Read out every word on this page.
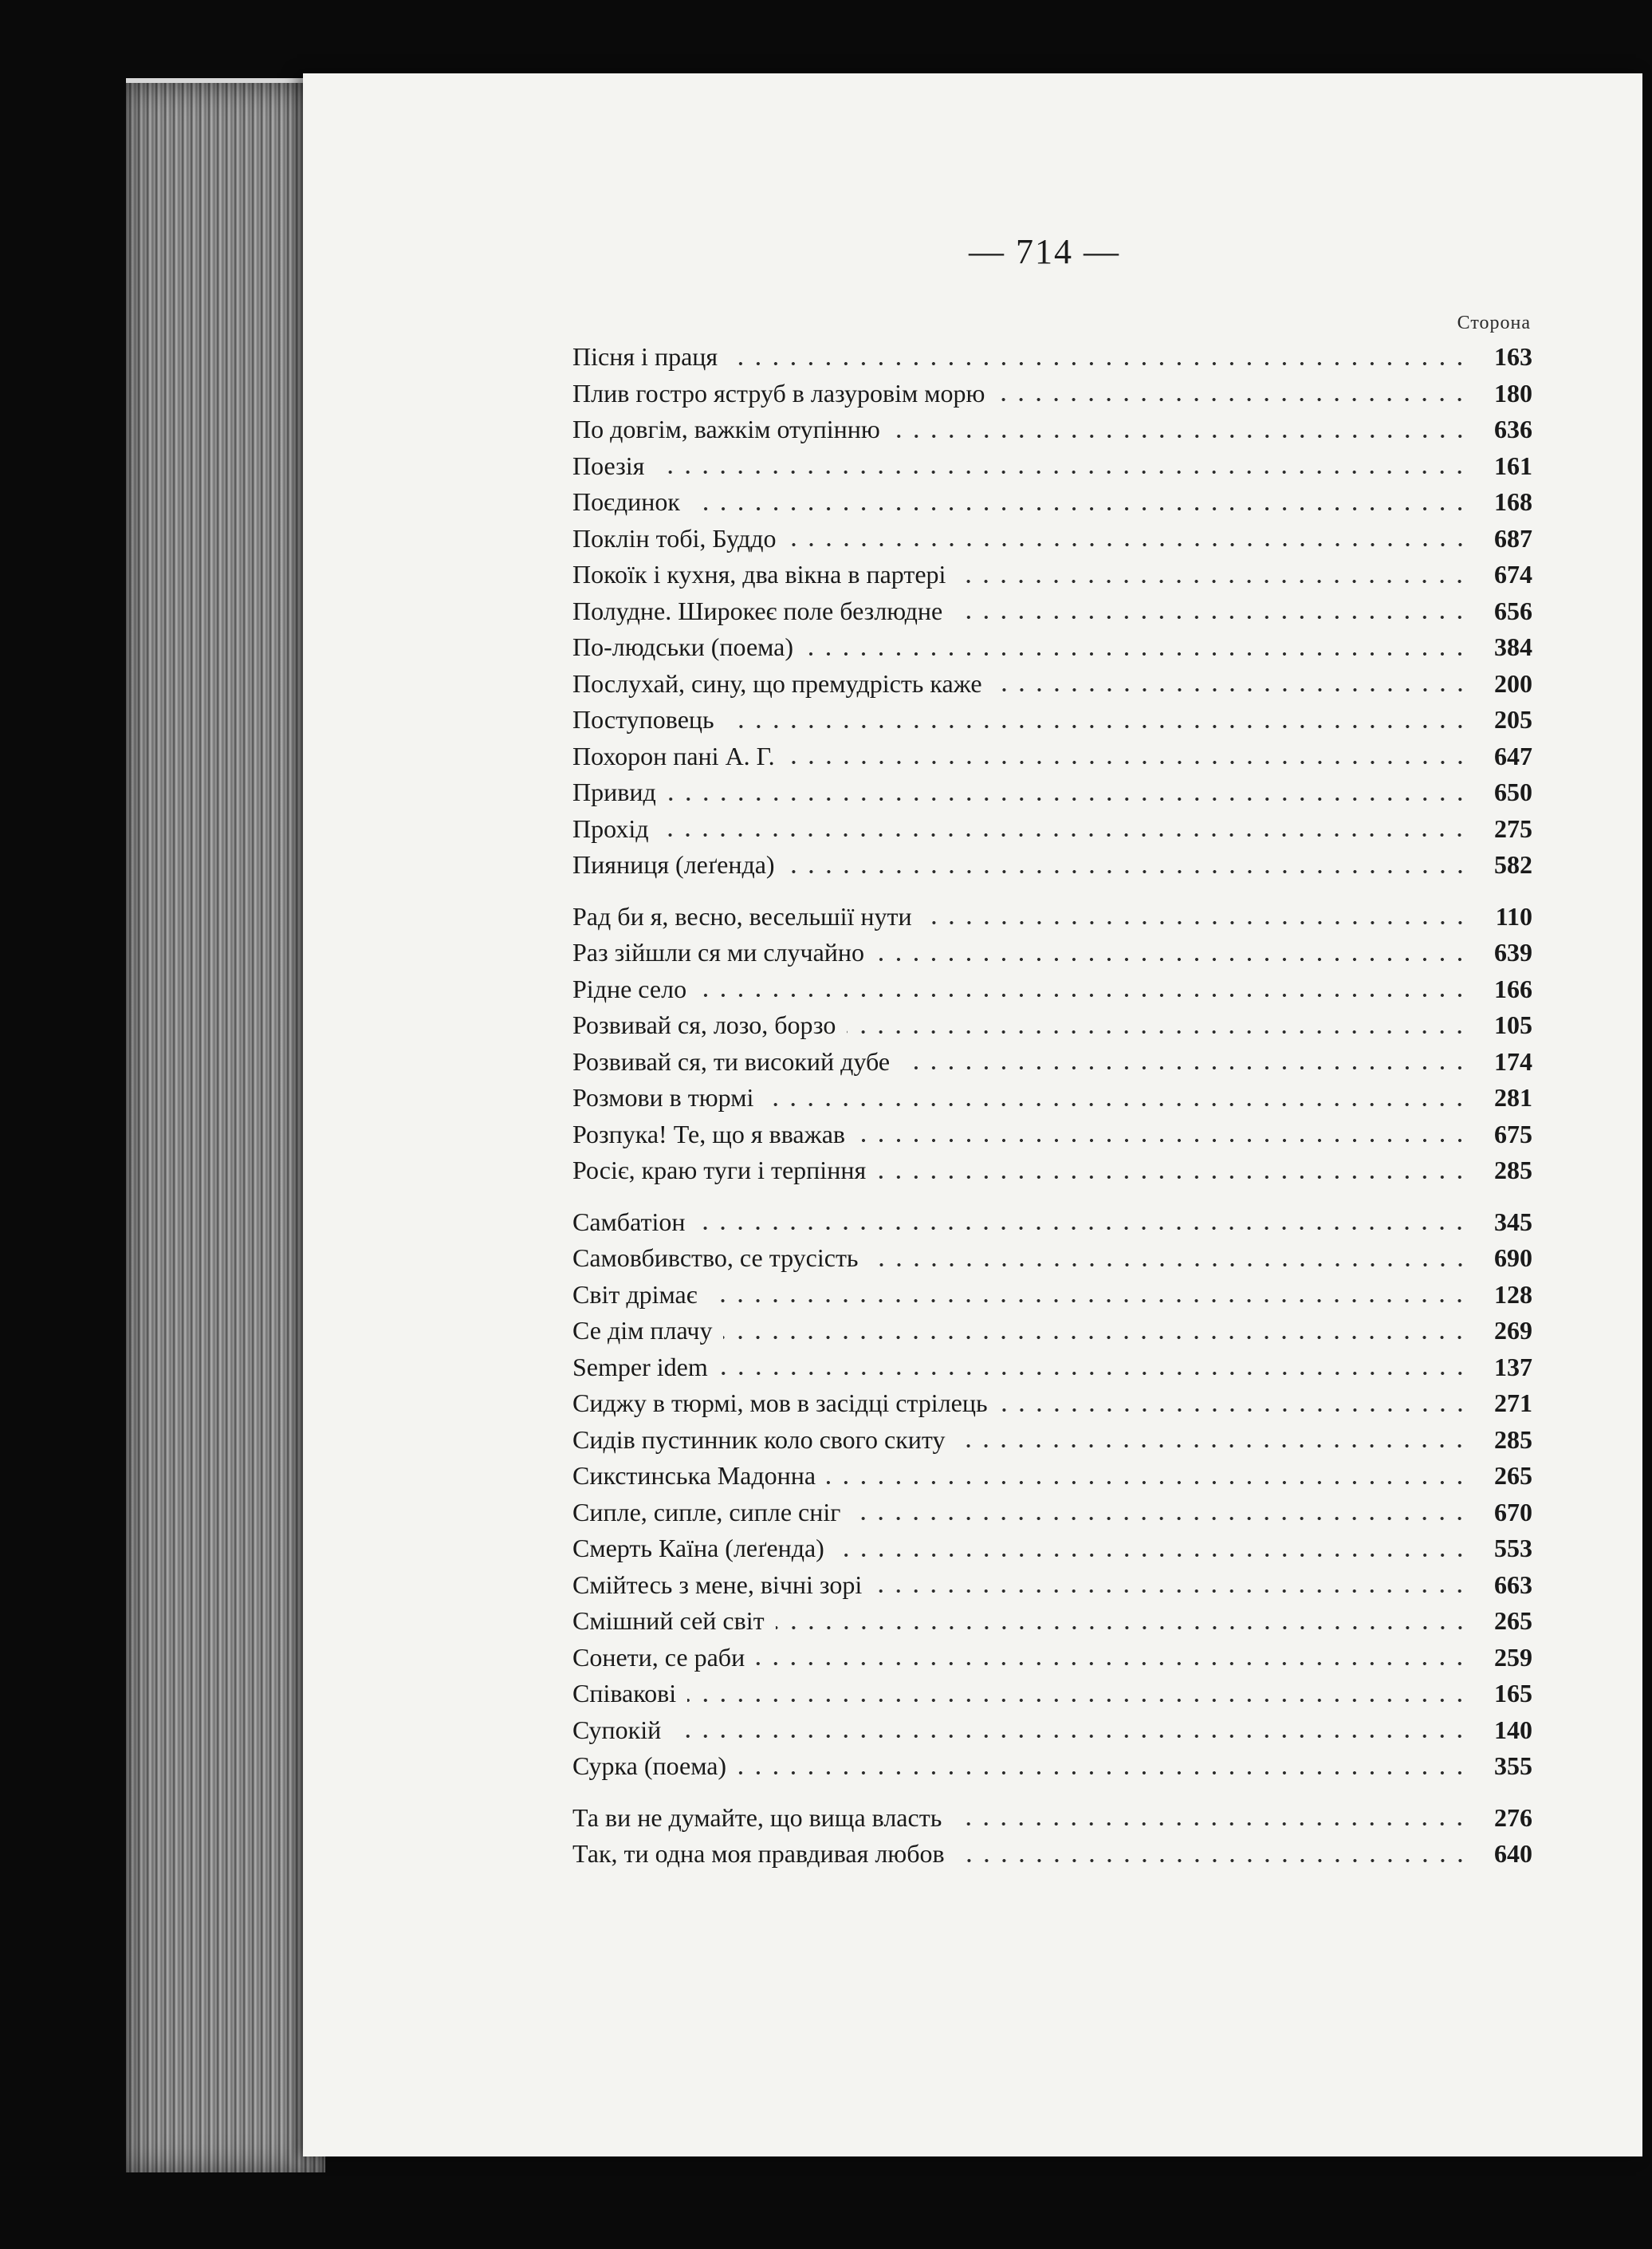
— 714 —
Сторона
Пісня і праця	163
Плив гостро яструб в лазуровім морю	180
По довгім, важкім отупінню	636
Поезія	161
Поєдинок	168
Поклін тобі, Буддо	687
Покоїк і кухня, два вікна в партері	674
Полудне. Широкеє поле безлюдне	656
По-людськи (поема)	384
Послухай, сину, що премудрість каже	200
Поступовець	205
Похорон пані А. Г.	647
Привид	650
Прохід	275
Пияниця (леґенда)	582
Рад би я, весно, весельшії нути	110
Раз зійшли ся ми случайно	639
Рідне село	166
Розвивай ся, лозо, борзо	105
Розвивай ся, ти високий дубе	174
Розмови в тюрмі	281
Розпука! Те, що я вважав	675
Росіє, краю туги і терпіння	285
Самбатіон	345
Самовбивство, се трусість	690
Світ дрімає	128
Се дім плачу	269
Semper idem	137
Сиджу в тюрмі, мов в засідці стрілець	271
Сидів пустинник коло свого скиту	285
Сикстинська Мадонна	265
Сипле, сипле, сипле сніг	670
Смерть Каїна (леґенда)	553
Смійтесь з мене, вічні зорі	663
Смішний сей світ	265
Сонети, се раби	259
Співакові	165
Супокій	140
Сурка (поема)	355
Та ви не думайте, що вища власть	276
Так, ти одна моя правдивая любов	640
